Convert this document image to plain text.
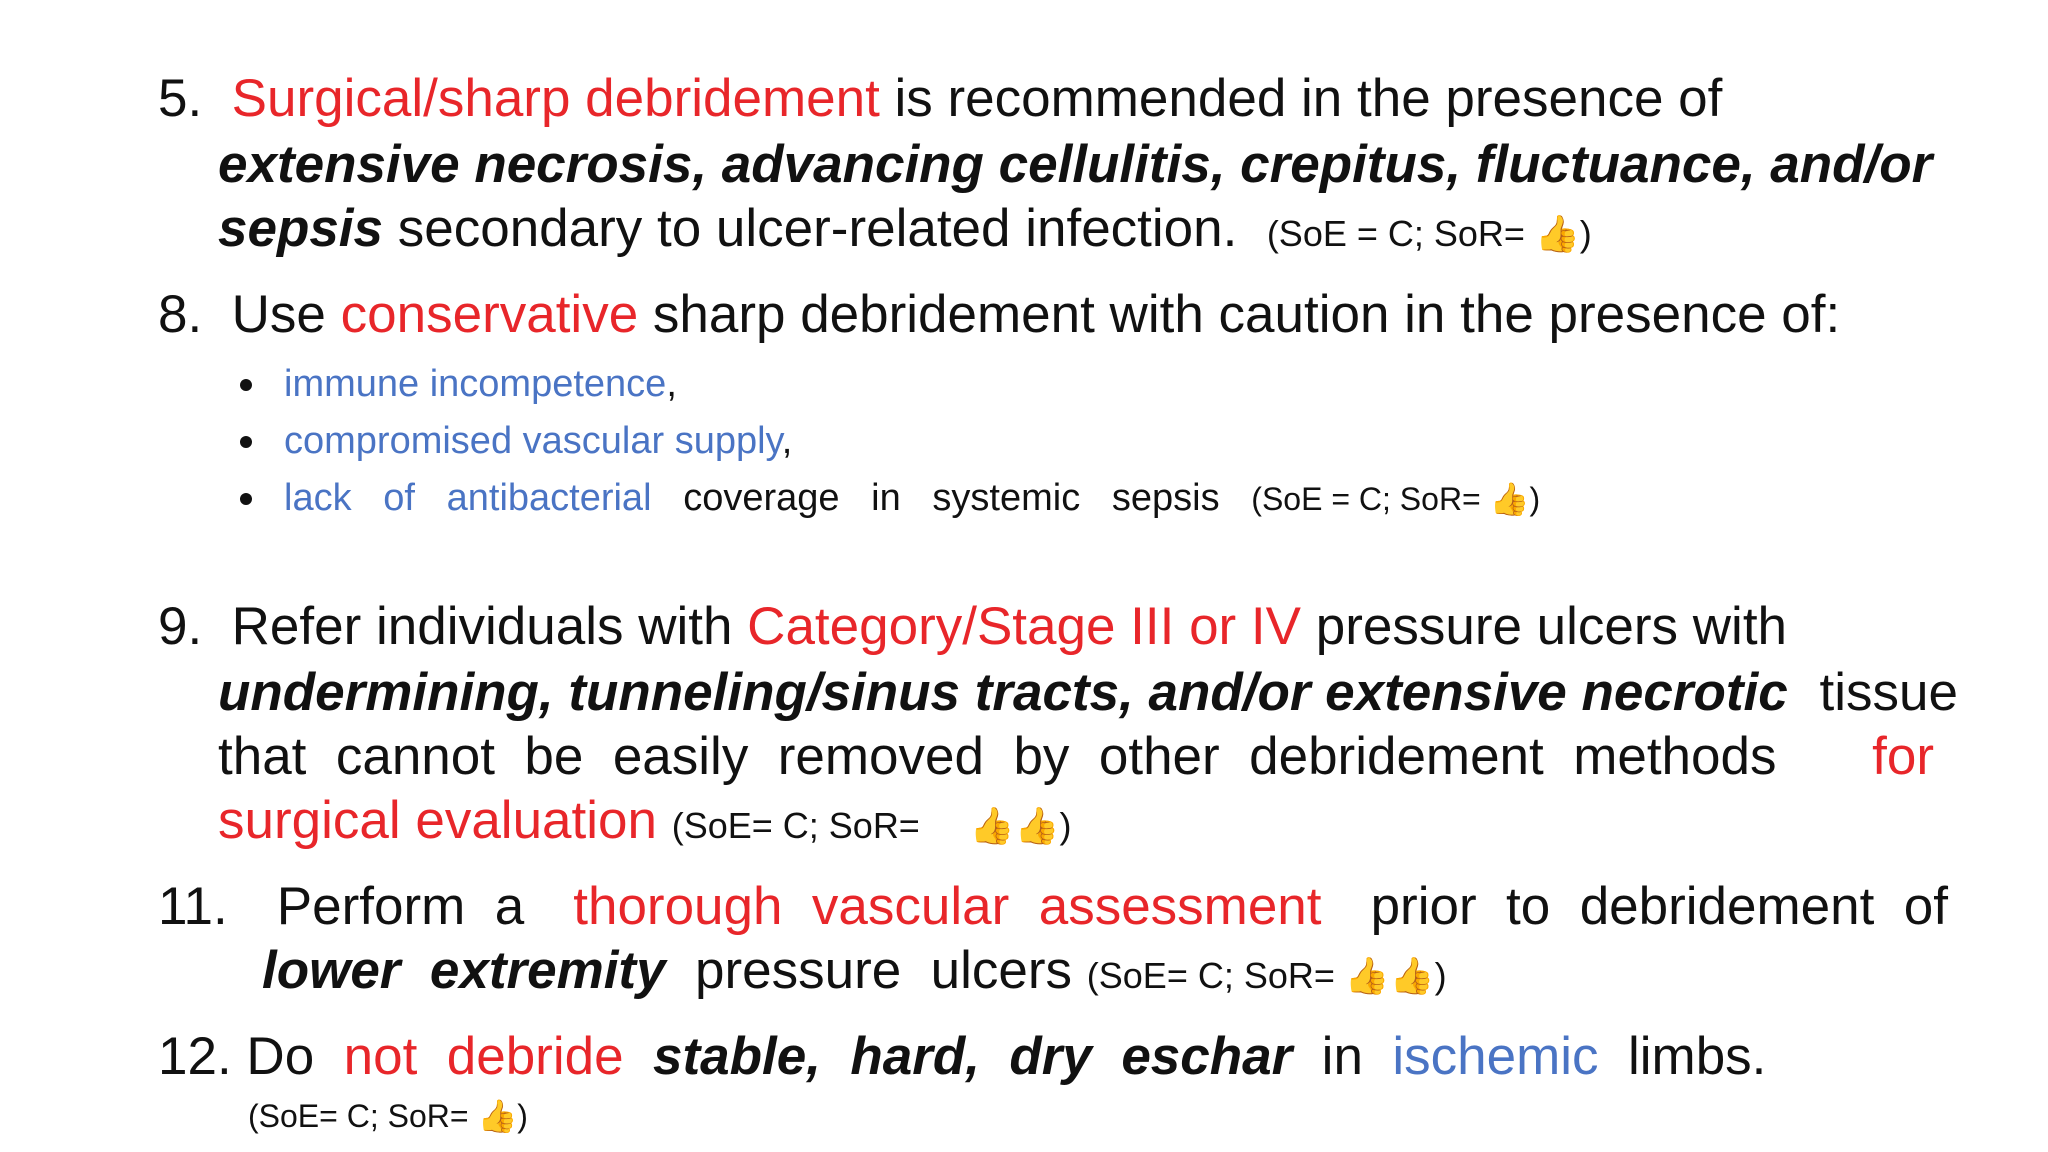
5. Surgical/sharp debridement is recommended in the presence of
extensive necrosis, advancing cellulitis, crepitus, fluctuance, and/or
sepsis secondary to ulcer-related infection. (SoE = C; SoR= 👍)
8. Use conservative sharp debridement with caution in the presence of:
immune incompetence,
compromised vascular supply,
lack   of   antibacterial   coverage   in   systemic   sepsis (SoE = C; SoR= 👍)
9. Refer individuals with Category/Stage III or IV pressure ulcers with
undermining, tunneling/sinus tracts, and/or extensive necrotic tissue
that  cannot  be  easily  removed  by  other  debridement  methods for
surgical evaluation (SoE= C; SoR= 👍👍)
11. Perform  a thorough  vascular  assessment prior  to  debridement  of
lower  extremity  pressure  ulcers (SoE= C; SoR= 👍👍)
12. Do  not  debride stable,  hard,  dry  eschar  in  ischemic  limbs.
(SoE= C; SoR= 👍)
